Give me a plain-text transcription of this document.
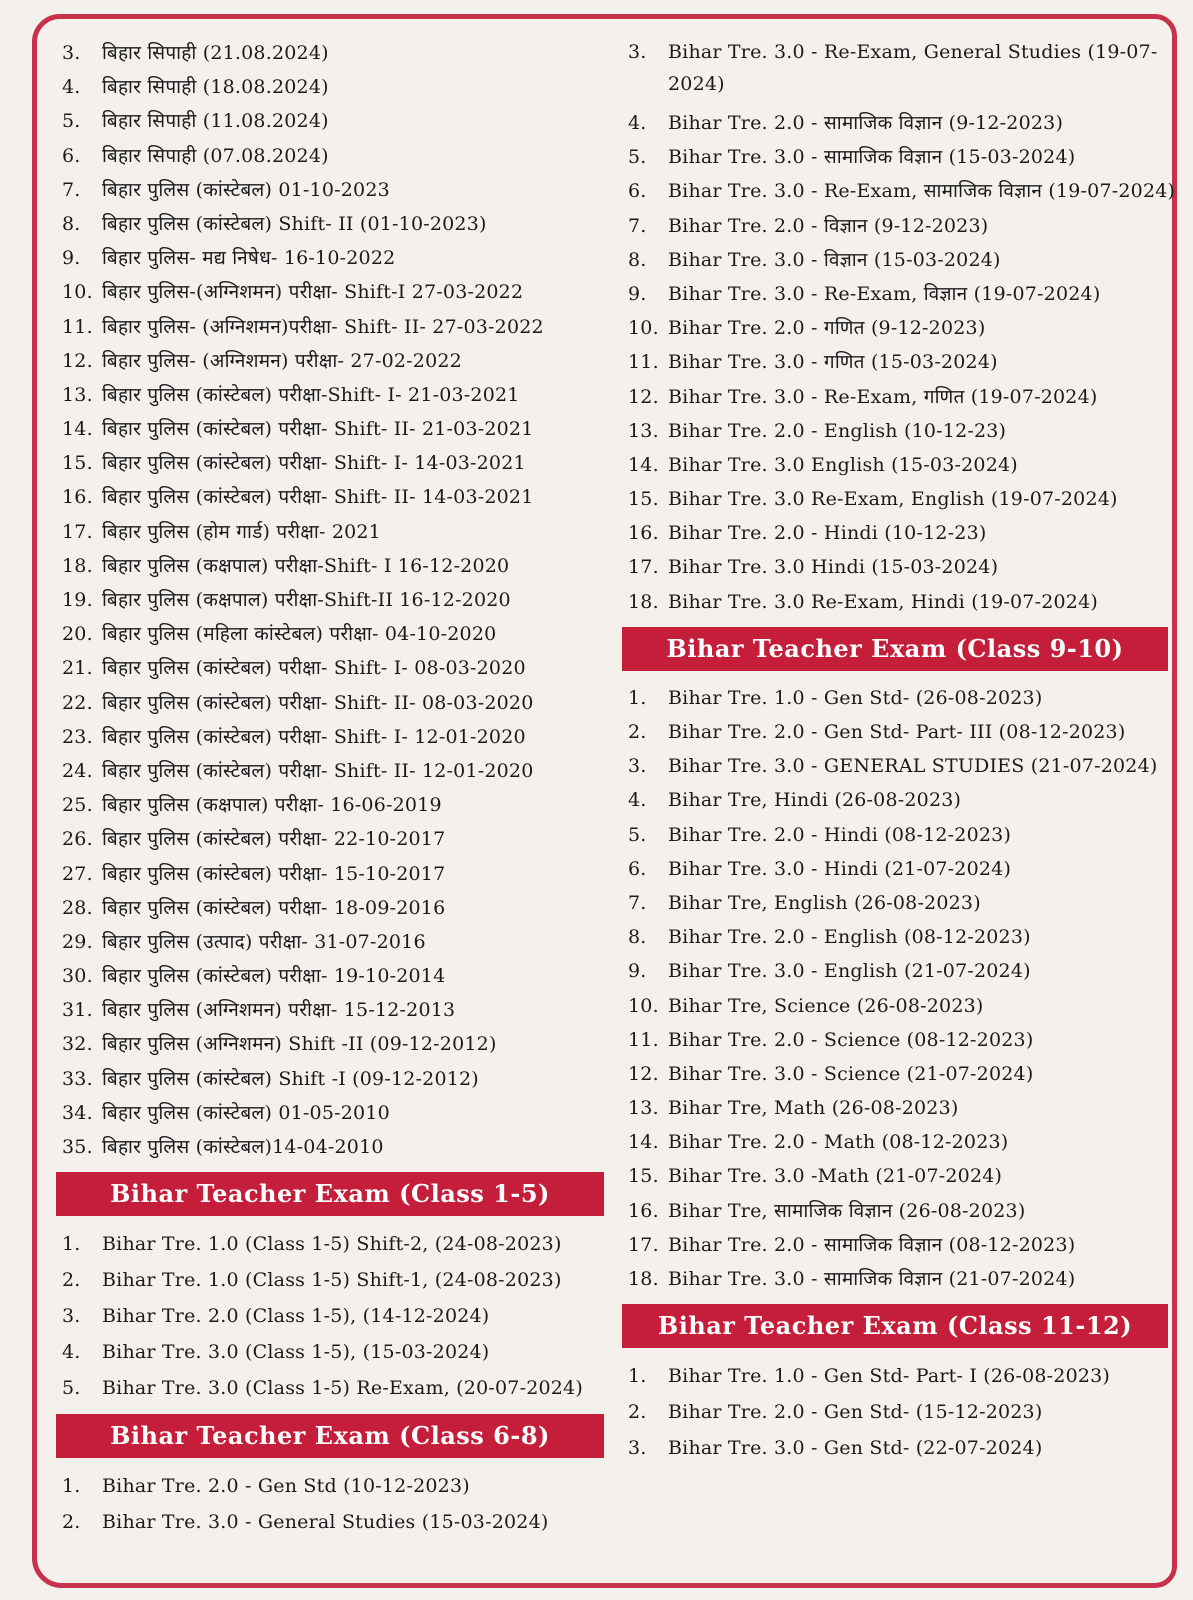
3.	बिहार सिपाही (21.08.2024)
4.	बिहार सिपाही (18.08.2024)
5.	बिहार सिपाही (11.08.2024)
6.	बिहार सिपाही (07.08.2024)
7.	बिहार पुलिस (कांस्टेबल) 01-10-2023
8.	बिहार पुलिस (कांस्टेबल) Shift- II (01-10-2023)
9.	बिहार पुलिस- मद्य निषेध- 16-10-2022
10. बिहार पुलिस-(अग्निशमन) परीक्षा- Shift-I 27-03-2022
11. बिहार पुलिस- (अग्निशमन)परीक्षा- Shift- II- 27-03-2022
12. बिहार पुलिस- (अग्निशमन) परीक्षा- 27-02-2022
13. बिहार पुलिस (कांस्टेबल) परीक्षा-Shift- I- 21-03-2021
14. बिहार पुलिस (कांस्टेबल) परीक्षा- Shift- II- 21-03-2021
15. बिहार पुलिस (कांस्टेबल) परीक्षा- Shift- I- 14-03-2021
16. बिहार पुलिस (कांस्टेबल) परीक्षा- Shift- II- 14-03-2021
17. बिहार पुलिस (होम गार्ड) परीक्षा- 2021
18. बिहार पुलिस (कक्षपाल) परीक्षा-Shift- I 16-12-2020
19. बिहार पुलिस (कक्षपाल) परीक्षा-Shift-II 16-12-2020
20. बिहार पुलिस (महिला कांस्टेबल) परीक्षा- 04-10-2020
21. बिहार पुलिस (कांस्टेबल) परीक्षा- Shift- I- 08-03-2020
22. बिहार पुलिस (कांस्टेबल) परीक्षा- Shift- II- 08-03-2020
23. बिहार पुलिस (कांस्टेबल) परीक्षा- Shift- I- 12-01-2020
24. बिहार पुलिस (कांस्टेबल) परीक्षा- Shift- II- 12-01-2020
25. बिहार पुलिस (कक्षपाल) परीक्षा- 16-06-2019
26. बिहार पुलिस (कांस्टेबल) परीक्षा- 22-10-2017
27. बिहार पुलिस (कांस्टेबल) परीक्षा- 15-10-2017
28. बिहार पुलिस (कांस्टेबल) परीक्षा- 18-09-2016
29. बिहार पुलिस (उत्पाद) परीक्षा- 31-07-2016
30. बिहार पुलिस (कांस्टेबल) परीक्षा- 19-10-2014
31. बिहार पुलिस (अग्निशमन) परीक्षा- 15-12-2013
32. बिहार पुलिस (अग्निशमन) Shift -II (09-12-2012)
33. बिहार पुलिस (कांस्टेबल) Shift -I (09-12-2012)
34. बिहार पुलिस (कांस्टेबल) 01-05-2010
35. बिहार पुलिस (कांस्टेबल)14-04-2010
Bihar Teacher Exam (Class 1-5)
1.	Bihar Tre. 1.0 (Class 1-5) Shift-2, (24-08-2023)
2.	Bihar Tre. 1.0 (Class 1-5) Shift-1, (24-08-2023)
3.	Bihar Tre. 2.0 (Class 1-5), (14-12-2024)
4.	Bihar Tre. 3.0 (Class 1-5), (15-03-2024)
5.	Bihar Tre. 3.0 (Class 1-5) Re-Exam, (20-07-2024)
Bihar Teacher Exam (Class 6-8)
1.	Bihar Tre. 2.0 - Gen Std (10-12-2023)
2.	Bihar Tre. 3.0 - General Studies (15-03-2024)
3.	Bihar Tre. 3.0 - Re-Exam, General Studies (19-07-2024)
4.	Bihar Tre. 2.0 - सामाजिक विज्ञान (9-12-2023)
5.	Bihar Tre. 3.0 - सामाजिक विज्ञान (15-03-2024)
6.	Bihar Tre. 3.0 - Re-Exam, सामाजिक विज्ञान (19-07-2024)
7.	Bihar Tre. 2.0 - विज्ञान (9-12-2023)
8.	Bihar Tre. 3.0 - विज्ञान (15-03-2024)
9.	Bihar Tre. 3.0 - Re-Exam, विज्ञान (19-07-2024)
10. Bihar Tre. 2.0 - गणित (9-12-2023)
11. Bihar Tre. 3.0 - गणित (15-03-2024)
12. Bihar Tre. 3.0 - Re-Exam, गणित (19-07-2024)
13. Bihar Tre. 2.0 - English (10-12-23)
14. Bihar Tre. 3.0 English (15-03-2024)
15. Bihar Tre. 3.0 Re-Exam, English (19-07-2024)
16. Bihar Tre. 2.0 - Hindi (10-12-23)
17. Bihar Tre. 3.0 Hindi (15-03-2024)
18. Bihar Tre. 3.0 Re-Exam, Hindi (19-07-2024)
Bihar Teacher Exam (Class 9-10)
1.	Bihar Tre. 1.0 - Gen Std- (26-08-2023)
2.	Bihar Tre. 2.0 - Gen Std- Part- III (08-12-2023)
3.	Bihar Tre. 3.0 - GENERAL STUDIES (21-07-2024)
4.	Bihar Tre, Hindi (26-08-2023)
5.	Bihar Tre. 2.0 - Hindi (08-12-2023)
6.	Bihar Tre. 3.0 - Hindi (21-07-2024)
7.	Bihar Tre, English (26-08-2023)
8.	Bihar Tre. 2.0 - English (08-12-2023)
9.	Bihar Tre. 3.0 - English (21-07-2024)
10. Bihar Tre, Science (26-08-2023)
11. Bihar Tre. 2.0 - Science (08-12-2023)
12. Bihar Tre. 3.0 - Science (21-07-2024)
13. Bihar Tre, Math (26-08-2023)
14. Bihar Tre. 2.0 - Math (08-12-2023)
15. Bihar Tre. 3.0 -Math (21-07-2024)
16. Bihar Tre, सामाजिक विज्ञान (26-08-2023)
17. Bihar Tre. 2.0 - सामाजिक विज्ञान (08-12-2023)
18. Bihar Tre. 3.0 - सामाजिक विज्ञान (21-07-2024)
Bihar Teacher Exam (Class 11-12)
1.	Bihar Tre. 1.0 - Gen Std- Part- I (26-08-2023)
2.	Bihar Tre. 2.0 - Gen Std- (15-12-2023)
3.	Bihar Tre. 3.0 - Gen Std- (22-07-2024)
